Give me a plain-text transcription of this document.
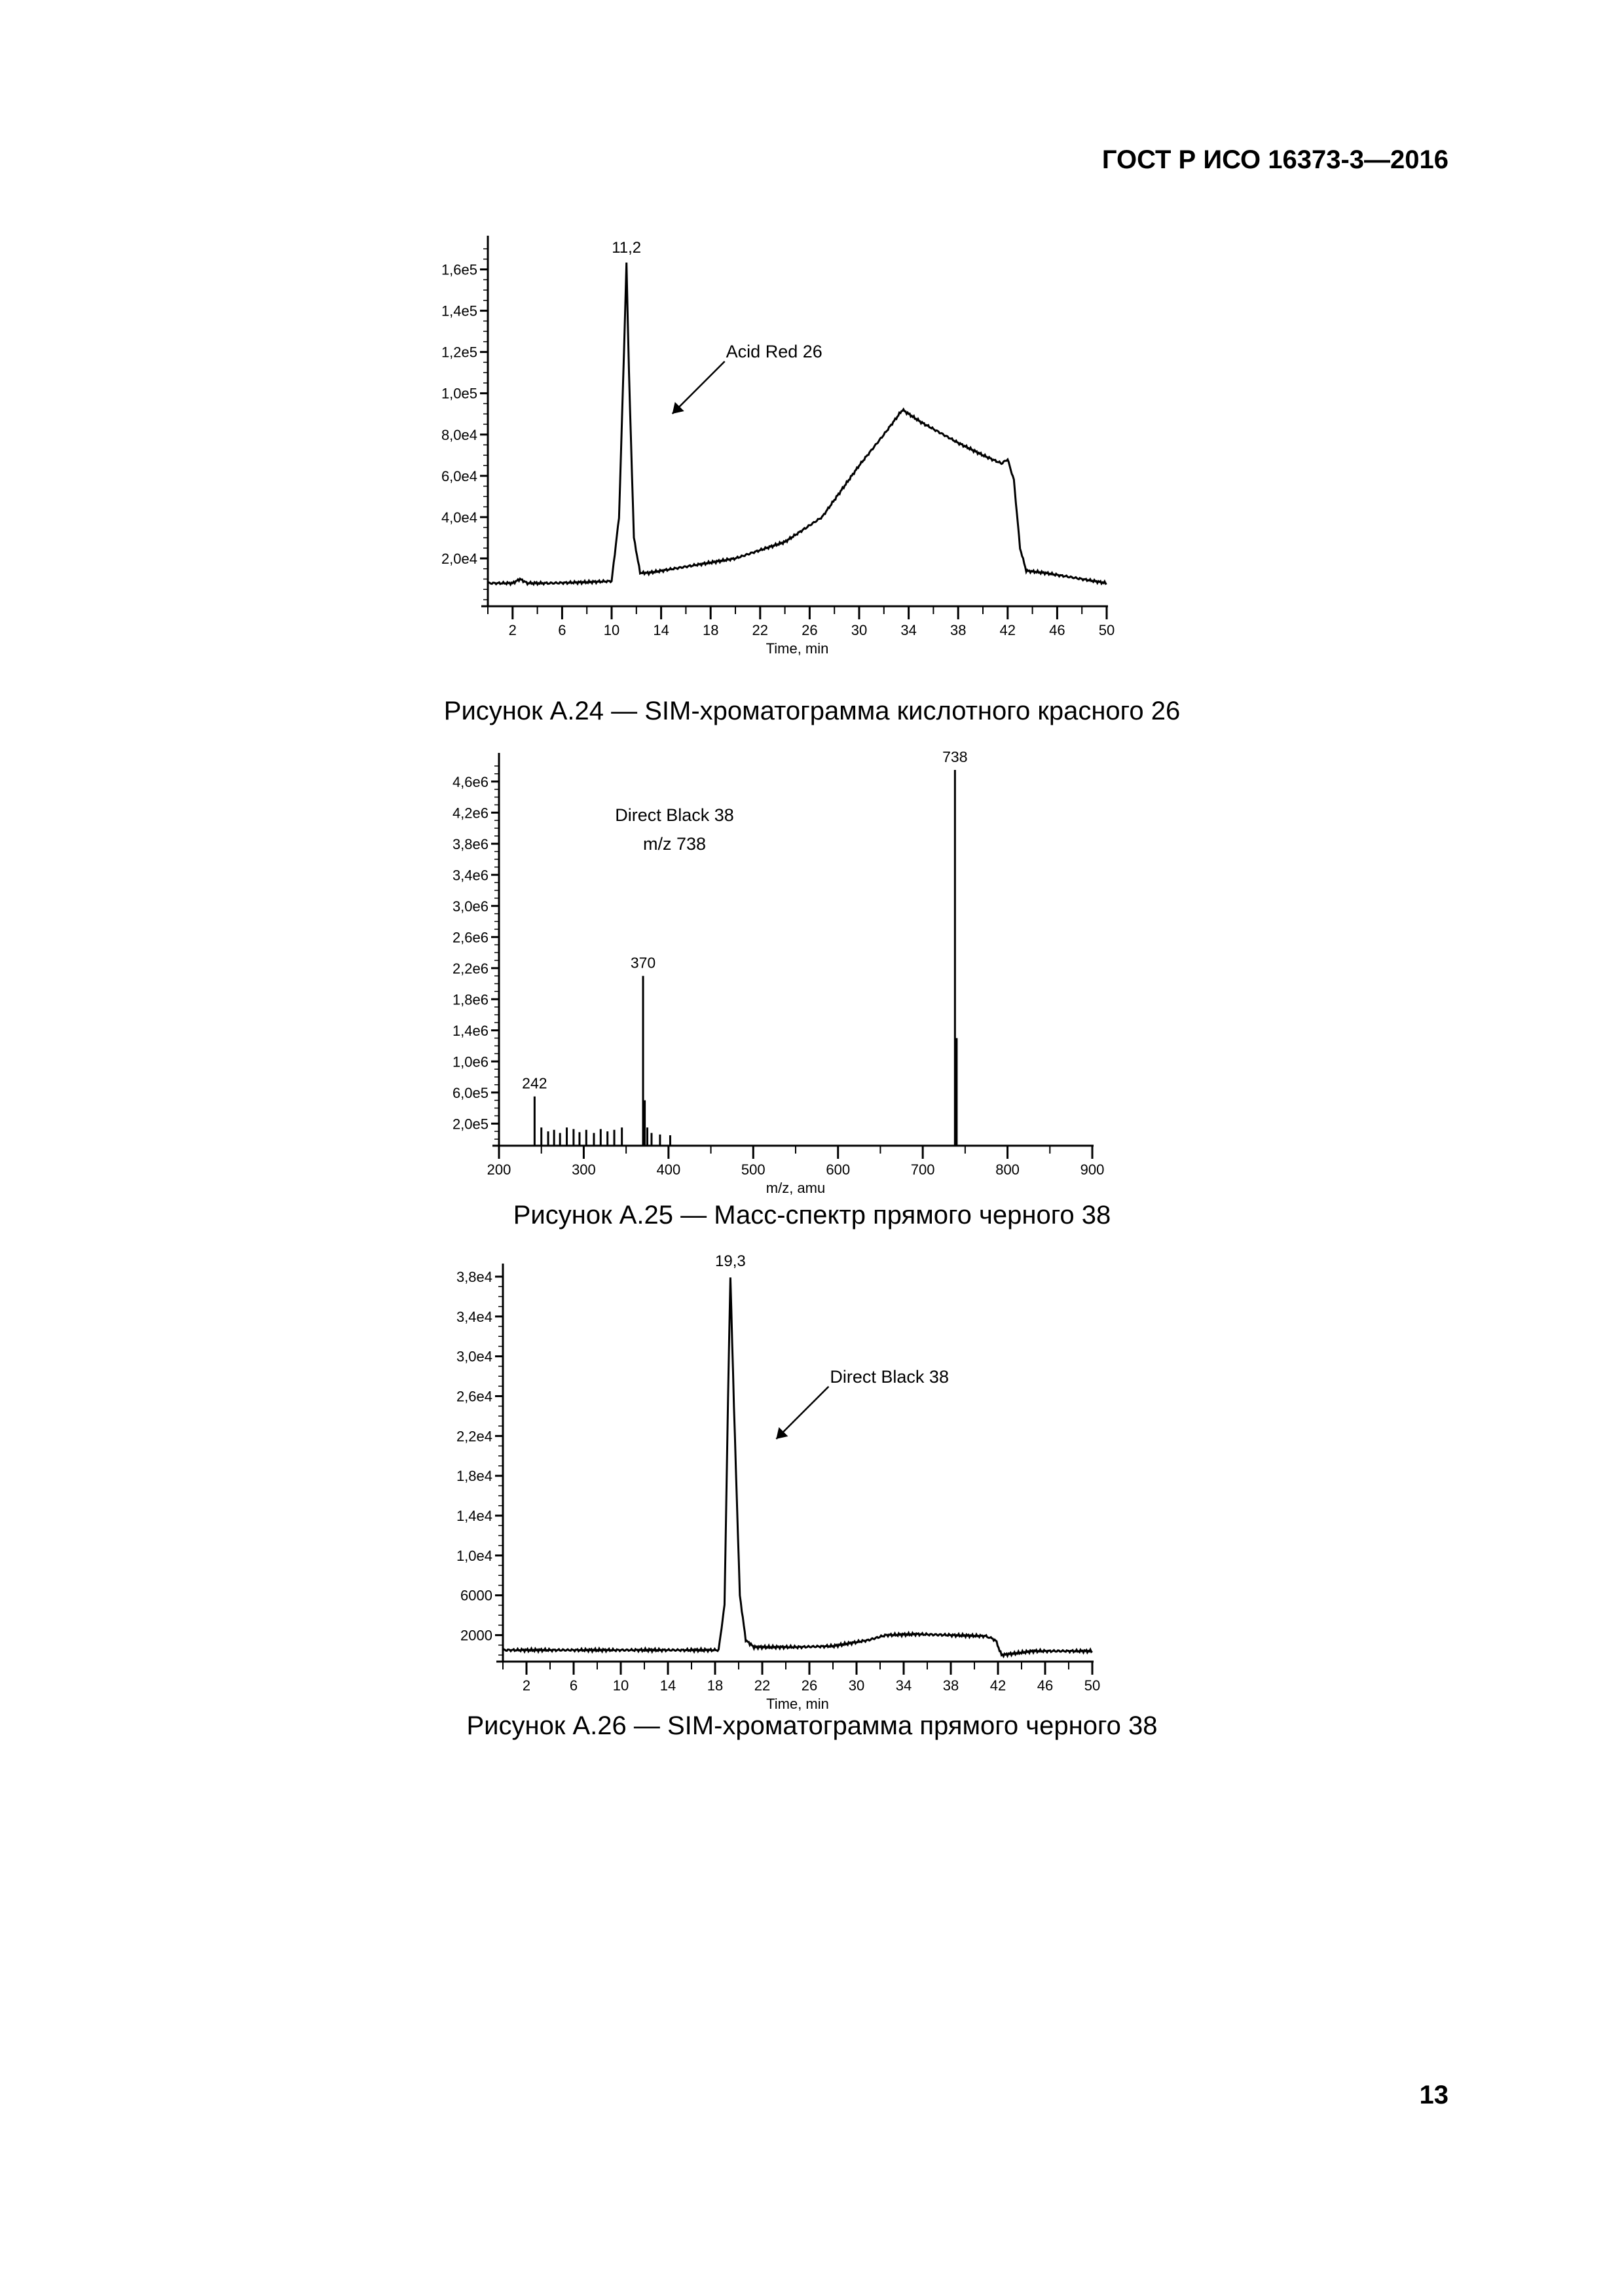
ГОСТ Р ИСО 16373-3—2016
2	6	10 14 18 22 26 30 34 38 42 46 50
Time, min
2,0e4
4,0e4
6,0e4
8,0e4
1,0e5
1,2e5
1,4e5
1,6e5
11,2
Acid Red 26
Рисунок А.24 — SIM-хроматограмма кислотного красного 26
200	300	400	500	600	700	800	900
m/z, amu
2,0e5
6,0e5
1,0e6
1,4e6
1,8e6
2,2e6
2,6e6
3,0e6
3,4e6
3,8e6
4,2e6
4,6e6
242
370
738
Direct Black 38
m/z 738
Рисунок А.25 — Масс-спектр прямого черного 38
2	6 10 14 18 22 26 30 34 38 42 46 50
Time, min
2000
6000
1,0e4
1,4e4
1,8e4
2,2e4
2,6e4
3,0e4
3,4e4
3,8e4
19,3
Direct Black 38
Рисунок А.26 — SIM-хроматограмма прямого черного 38
13
